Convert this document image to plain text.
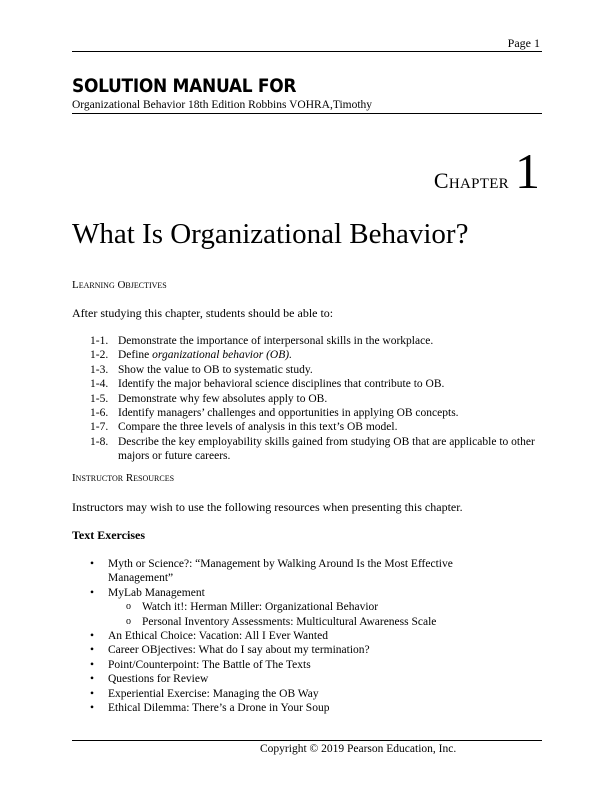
Page 1
SOLUTION MANUAL FOR
Organizational Behavior 18th Edition Robbins VOHRA,Timothy
Chapter 1
What Is Organizational Behavior?
Learning Objectives
After studying this chapter, students should be able to:
1-1. Demonstrate the importance of interpersonal skills in the workplace.
1-2. Define organizational behavior (OB).
1-3. Show the value to OB to systematic study.
1-4. Identify the major behavioral science disciplines that contribute to OB.
1-5. Demonstrate why few absolutes apply to OB.
1-6. Identify managers’ challenges and opportunities in applying OB concepts.
1-7. Compare the three levels of analysis in this text’s OB model.
1-8. Describe the key employability skills gained from studying OB that are applicable to other majors or future careers.
Instructor Resources
Instructors may wish to use the following resources when presenting this chapter.
Text Exercises
•	Myth or Science?: “Management by Walking Around Is the Most Effective Management”
•	MyLab Management
o Watch it!: Herman Miller: Organizational Behavior
o Personal Inventory Assessments: Multicultural Awareness Scale
•	An Ethical Choice: Vacation: All I Ever Wanted
•	Career OBjectives: What do I say about my termination?
•	Point/Counterpoint: The Battle of The Texts
•	Questions for Review
•	Experiential Exercise: Managing the OB Way
•	Ethical Dilemma: There’s a Drone in Your Soup
Copyright © 2019 Pearson Education, Inc.
